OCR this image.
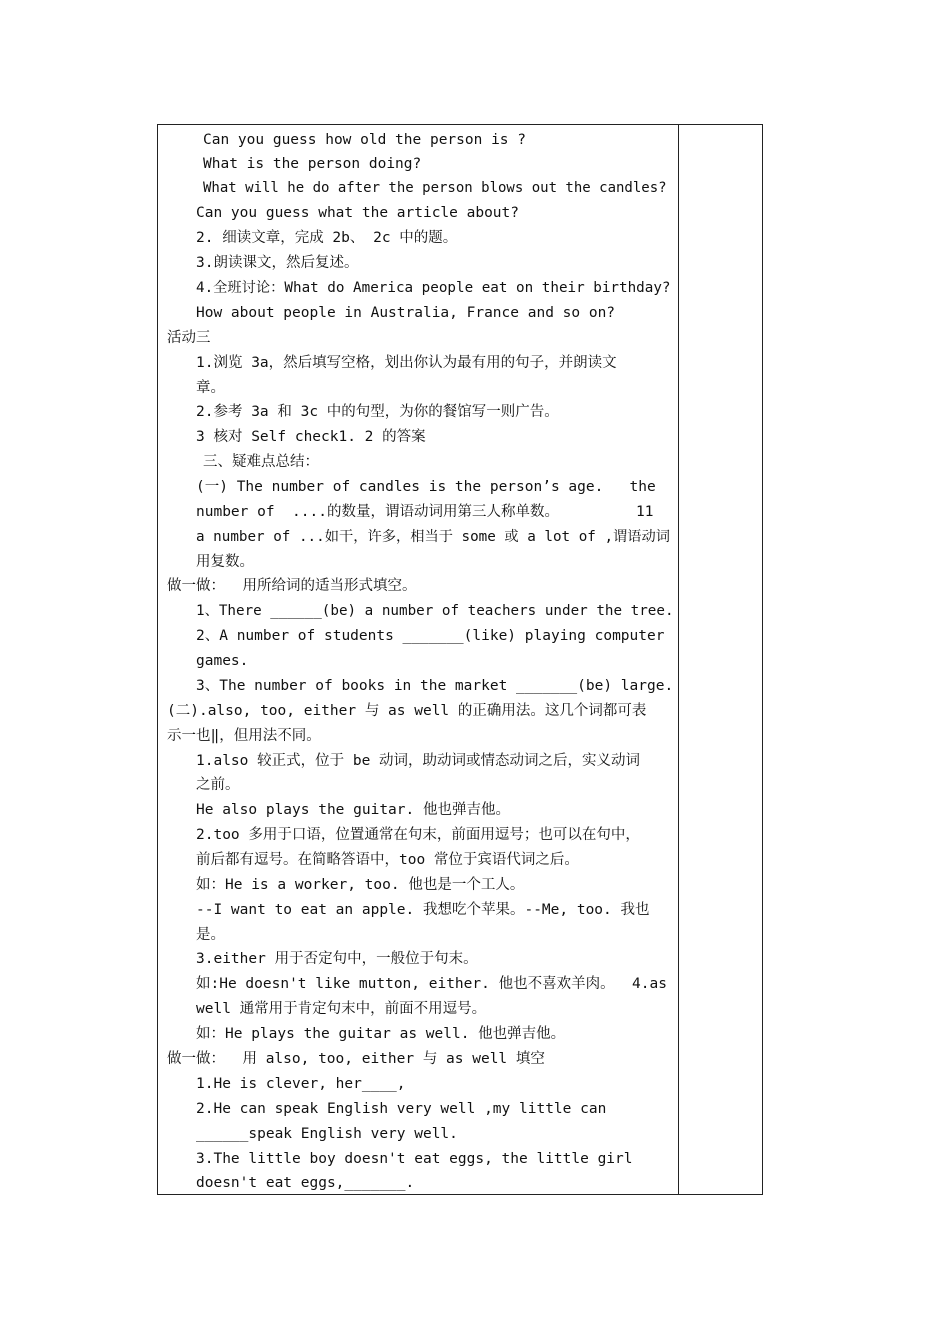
Can you guess how old the person is ?
What is the person doing?
What will he do after the person blows out the candles?
Can you guess what the article about?
2. 细读文章，完成 2b、 2c 中的题。
3.朗读课文，然后复述。
4.全班讨论：What do America people eat on their birthday?
How about people in Australia, France and so on?
活动三
1.浏览 3a，然后填写空格，划出你认为最有用的句子，并朗读文
章。
2.参考 3a 和 3c 中的句型，为你的餐馆写一则广告。
3 核对 Self check1. 2 的答案
三、疑难点总结：
(一) The number of candles is the person’s age.   the
number of  ....的数量，谓语动词用第三人称单数。	11
a number of ...如干，许多，相当于 some 或 a lot of ,谓语动词
用复数。
做一做：  用所给词的适当形式填空。
1、There ______(be) a number of teachers under the tree.
2、A number of students _______(like) playing computer
games.
3、The number of books in the market _______(be) large.
(二).also, too, either 与 as well 的正确用法。这几个词都可表
示一也‖，但用法不同。
1.also 较正式，位于 be 动词，助动词或情态动词之后，实义动词
之前。
He also plays the guitar. 他也弹吉他。
2.too 多用于口语，位置通常在句末，前面用逗号；也可以在句中，
前后都有逗号。在简略答语中，too 常位于宾语代词之后。
如：He is a worker, too. 他也是一个工人。
--I want to eat an apple. 我想吃个苹果。--Me, too. 我也
是。
3.either 用于否定句中，一般位于句末。
如:He doesn't like mutton, either. 他也不喜欢羊肉。  4.as
well 通常用于肯定句末中，前面不用逗号。
如：He plays the guitar as well. 他也弹吉他。
做一做：  用 also, too, either 与 as well 填空
1.He is clever, her____,
2.He can speak English very well ,my little can
______speak English very well.
3.The little boy doesn't eat eggs, the little girl
doesn't eat eggs,_______.
